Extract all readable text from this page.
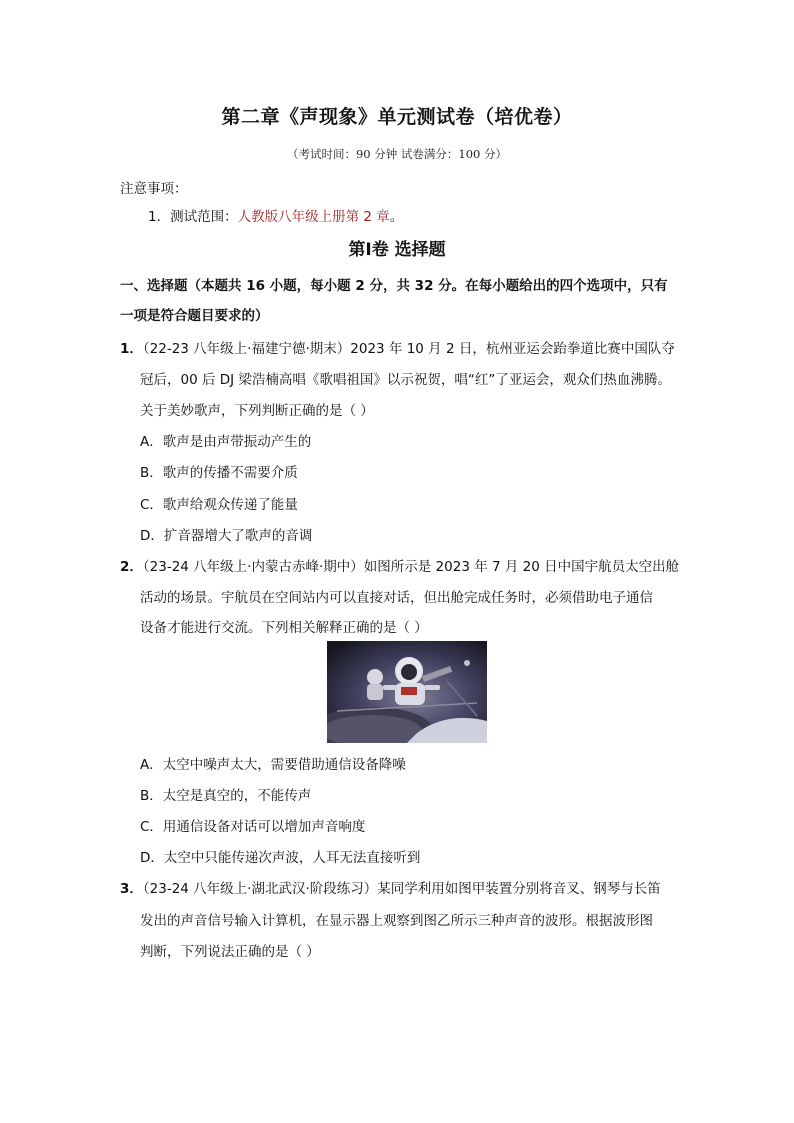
第二章《声现象》单元测试卷（培优卷）
（考试时间：90 分钟 试卷满分：100 分）
注意事项：
1．测试范围：人教版八年级上册第 2 章。
第Ⅰ卷 选择题
一、选择题（本题共 16 小题，每小题 2 分，共 32 分。在每小题给出的四个选项中，只有
一项是符合题目要求的）
1．（22-23 八年级上·福建宁德·期末）2023 年 10 月 2 日，杭州亚运会跆拳道比赛中国队夺
冠后，00 后 DJ 梁浩楠高唱《歌唱祖国》以示祝贺，唱“红”了亚运会，观众们热血沸腾。
关于美妙歌声，下列判断正确的是（ ）
A．歌声是由声带振动产生的
B．歌声的传播不需要介质
C．歌声给观众传递了能量
D．扩音器增大了歌声的音调
2．（23-24 八年级上·内蒙古赤峰·期中）如图所示是 2023 年 7 月 20 日中国宇航员太空出舱
活动的场景。宇航员在空间站内可以直接对话，但出舱完成任务时，必须借助电子通信
设备才能进行交流。下列相关解释正确的是（ ）
A．太空中噪声太大，需要借助通信设备降噪
B．太空是真空的，不能传声
C．用通信设备对话可以增加声音响度
D．太空中只能传递次声波，人耳无法直接听到
3．（23-24 八年级上·湖北武汉·阶段练习）某同学利用如图甲装置分别将音叉、钢琴与长笛
发出的声音信号输入计算机，在显示器上观察到图乙所示三种声音的波形。根据波形图
判断，下列说法正确的是（ ）
